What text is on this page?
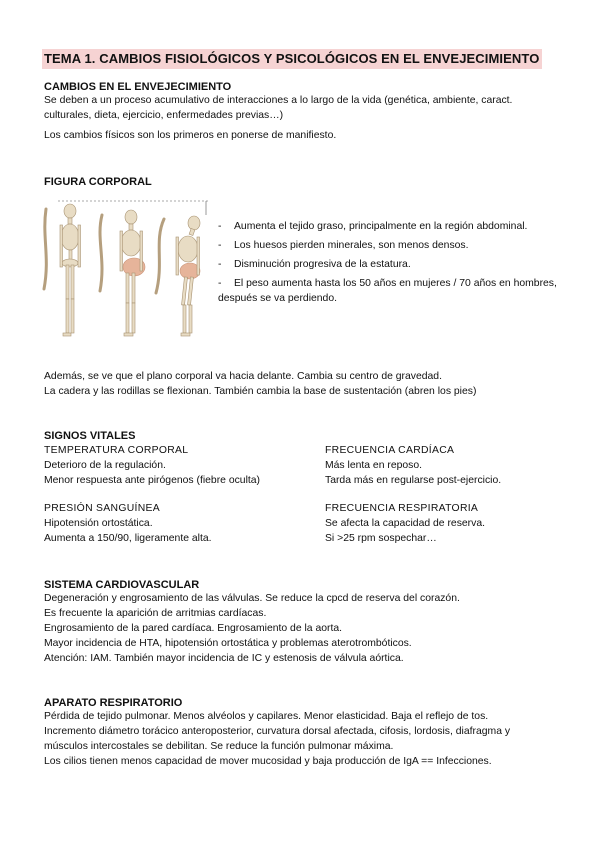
TEMA 1. CAMBIOS FISIOLÓGICOS Y PSICOLÓGICOS EN EL ENVEJECIMIENTO
CAMBIOS EN EL ENVEJECIMIENTO
Se deben a un proceso acumulativo de interacciones a lo largo de la vida (genética, ambiente, caract.
culturales, dieta, ejercicio, enfermedades previas…)
Los cambios físicos son los primeros en ponerse de manifiesto.
FIGURA CORPORAL
- Aumenta el tejido graso, principalmente en la región abdominal.
- Los huesos pierden minerales, son menos densos.
- Disminución progresiva de la estatura.
- El peso aumenta hasta los 50 años en mujeres / 70 años en hombres, después se va perdiendo.
Además, se ve que el plano corporal va hacia delante. Cambia su centro de gravedad.
La cadera y las rodillas se flexionan. También cambia la base de sustentación (abren los pies)
SIGNOS VITALES
TEMPERATURA CORPORAL
Deterioro de la regulación.
Menor respuesta ante pirógenos (fiebre oculta)
FRECUENCIA CARDÍACA
Más lenta en reposo.
Tarda más en regularse post-ejercicio.
PRESIÓN SANGUÍNEA
Hipotensión ortostática.
Aumenta a 150/90, ligeramente alta.
FRECUENCIA RESPIRATORIA
Se afecta la capacidad de reserva.
Si >25 rpm sospechar…
SISTEMA CARDIOVASCULAR
Degeneración y engrosamiento de las válvulas. Se reduce la cpcd de reserva del corazón.
Es frecuente la aparición de arritmias cardíacas.
Engrosamiento de la pared cardíaca. Engrosamiento de la aorta.
Mayor incidencia de HTA, hipotensión ortostática y problemas aterotrombóticos.
Atención: IAM. También mayor incidencia de IC y estenosis de válvula aórtica.
APARATO RESPIRATORIO
Pérdida de tejido pulmonar. Menos alvéolos y capilares. Menor elasticidad. Baja el reflejo de tos.
Incremento diámetro torácico anteroposterior, curvatura dorsal afectada, cifosis, lordosis, diafragma y
músculos intercostales se debilitan. Se reduce la función pulmonar máxima.
Los cilios tienen menos capacidad de mover mucosidad y baja producción de IgA == Infecciones.
